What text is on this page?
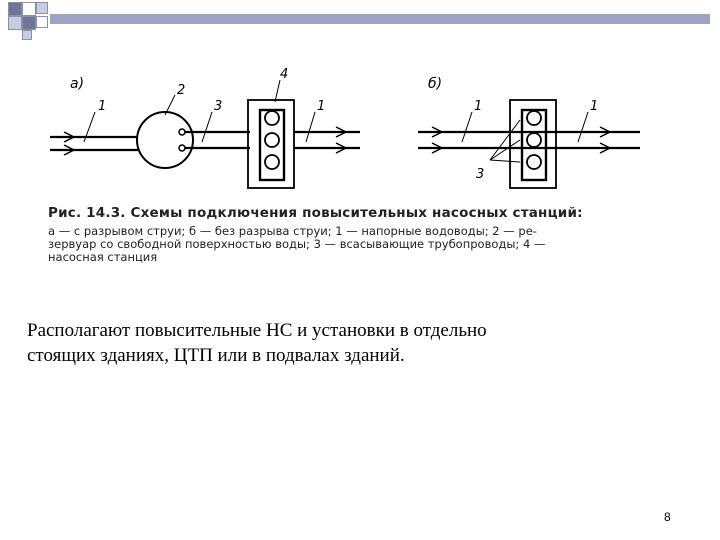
а)
1
2
3
4
1
б)
1	1
3
Рис. 14.3. Схемы подключения повысительных насосных станций:
а — с разрывом струи; б — без разрыва струи; 1 — напорные водоводы; 2 — ре-
зервуар со свободной поверхностью воды; 3 — всасывающие трубопроводы; 4 —
насосная станция
Располагают повысительные НС и установки в отдельно
стоящих зданиях, ЦТП или в подвалах зданий.
8
